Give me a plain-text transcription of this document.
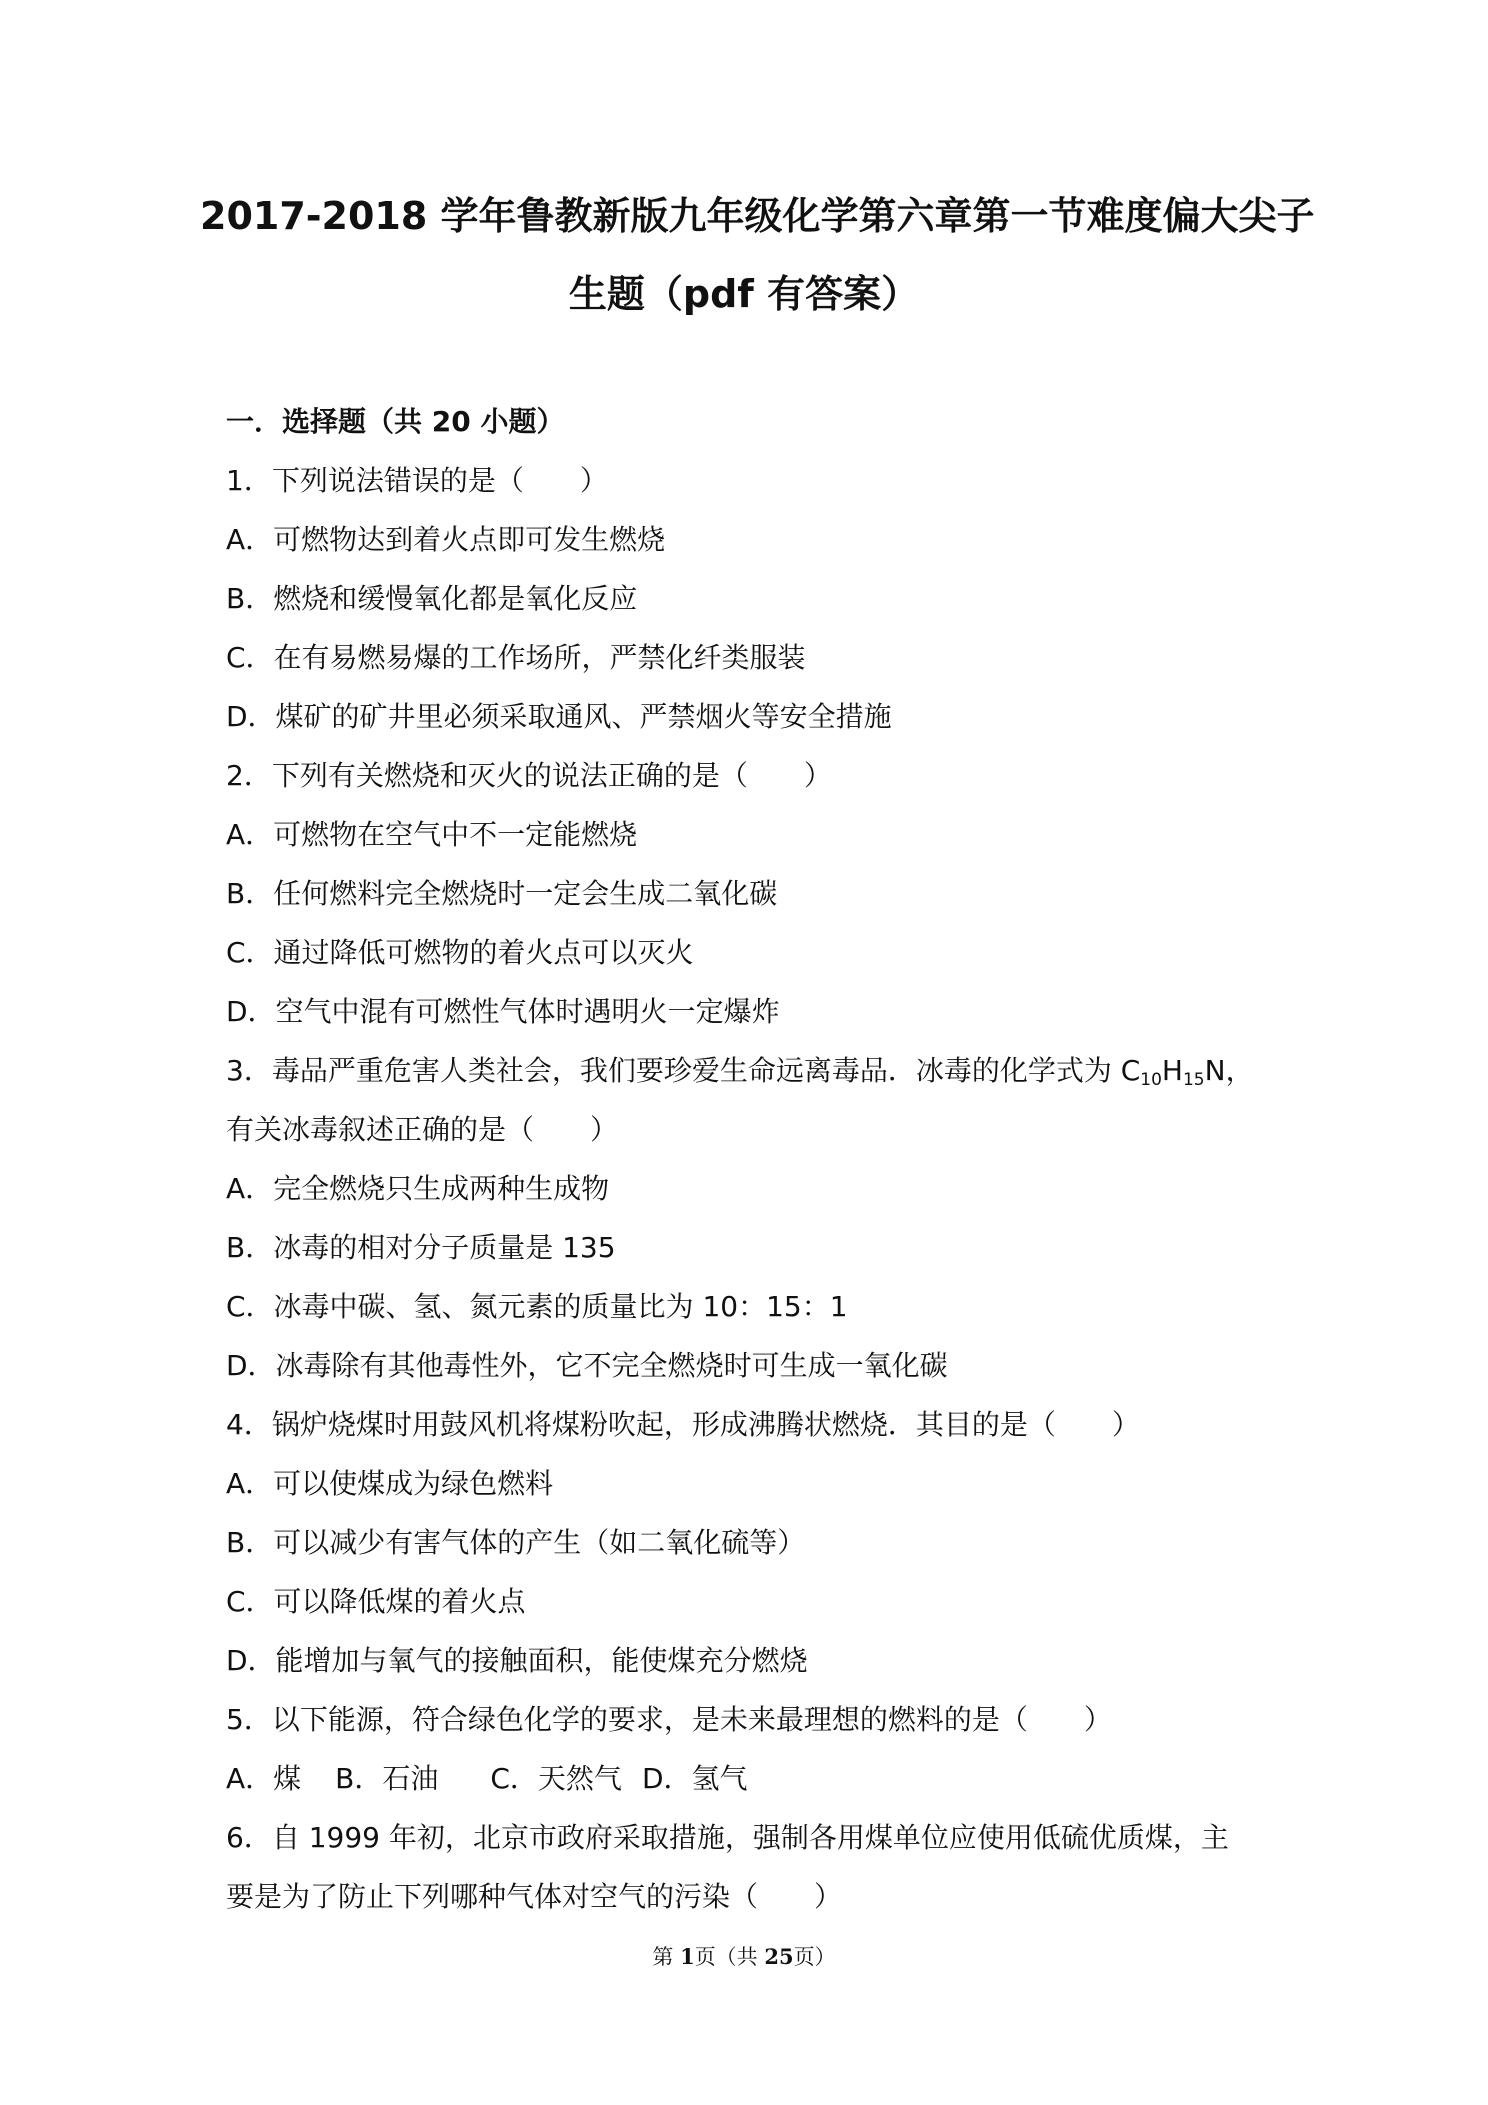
2017-2018 学年鲁教新版九年级化学第六章第一节难度偏大尖子
生题（pdf 有答案）
一．选择题（共 20 小题）
1．下列说法错误的是（　　）
A．可燃物达到着火点即可发生燃烧
B．燃烧和缓慢氧化都是氧化反应
C．在有易燃易爆的工作场所，严禁化纤类服装
D．煤矿的矿井里必须采取通风、严禁烟火等安全措施
2．下列有关燃烧和灭火的说法正确的是（　　）
A．可燃物在空气中不一定能燃烧
B．任何燃料完全燃烧时一定会生成二氧化碳
C．通过降低可燃物的着火点可以灭火
D．空气中混有可燃性气体时遇明火一定爆炸
3．毒品严重危害人类社会，我们要珍爱生命远离毒品．冰毒的化学式为 $C_{10}H_{15}N$，
有关冰毒叙述正确的是（　　）
A．完全燃烧只生成两种生成物
B．冰毒的相对分子质量是 135
C．冰毒中碳、氢、氮元素的质量比为 10：15：1
D．冰毒除有其他毒性外，它不完全燃烧时可生成一氧化碳
4．锅炉烧煤时用鼓风机将煤粉吹起，形成沸腾状燃烧．其目的是（　　）
A．可以使煤成为绿色燃料
B．可以减少有害气体的产生（如二氧化硫等）
C．可以降低煤的着火点
D．能增加与氧气的接触面积，能使煤充分燃烧
5．以下能源，符合绿色化学的要求，是未来最理想的燃料的是（　　）
A．煤 B．石油 C．天然气 D．氢气
6．自 1999 年初，北京市政府采取措施，强制各用煤单位应使用低硫优质煤，主
要是为了防止下列哪种气体对空气的污染（　　）
第 1页（共 25页）
